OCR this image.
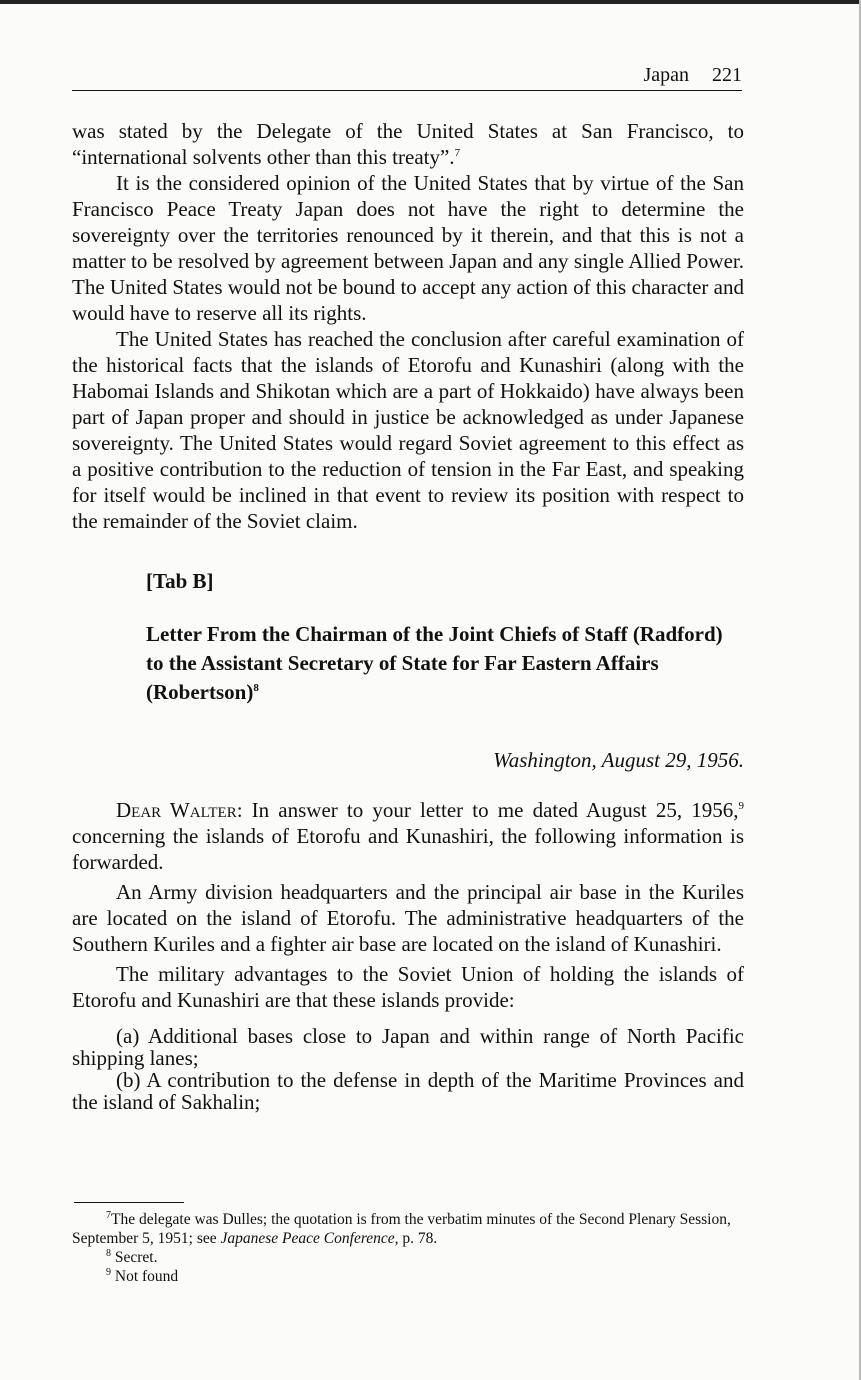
Japan 221

was stated by the Delegate of the United States at San Francisco, to “international solvents other than this treaty”.$^7$

It is the considered opinion of the United States that by virtue of the San Francisco Peace Treaty Japan does not have the right to determine the sovereignty over the territories renounced by it therein, and that this is not a matter to be resolved by agreement between Japan and any single Allied Power. The United States would not be bound to accept any action of this character and would have to reserve all its rights.

The United States has reached the conclusion after careful examination of the historical facts that the islands of Etorofu and Kunashiri (along with the Habomai Islands and Shikotan which are a part of Hokkaido) have always been part of Japan proper and should in justice be acknowledged as under Japanese sovereignty. The United States would regard Soviet agreement to this effect as a positive contribution to the reduction of tension in the Far East, and speaking for itself would be inclined in that event to review its position with respect to the remainder of the Soviet claim.

[Tab B]

Letter From the Chairman of the Joint Chiefs of Staff (Radford) to the Assistant Secretary of State for Far Eastern Affairs (Robertson)$^8$

Washington, August 29, 1956.

Dear Walter: In answer to your letter to me dated August 25, 1956,$^9$ concerning the islands of Etorofu and Kunashiri, the following information is forwarded.

An Army division headquarters and the principal air base in the Kuriles are located on the island of Etorofu. The administrative headquarters of the Southern Kuriles and a fighter air base are located on the island of Kunashiri.

The military advantages to the Soviet Union of holding the islands of Etorofu and Kunashiri are that these islands provide:

(a) Additional bases close to Japan and within range of North Pacific shipping lanes;

(b) A contribution to the defense in depth of the Maritime Provinces and the island of Sakhalin;

$^7$The delegate was Dulles; the quotation is from the verbatim minutes of the Second Plenary Session, September 5, 1951; see Japanese Peace Conference, p. 78.

$^8$ Secret.

$^9$ Not found
